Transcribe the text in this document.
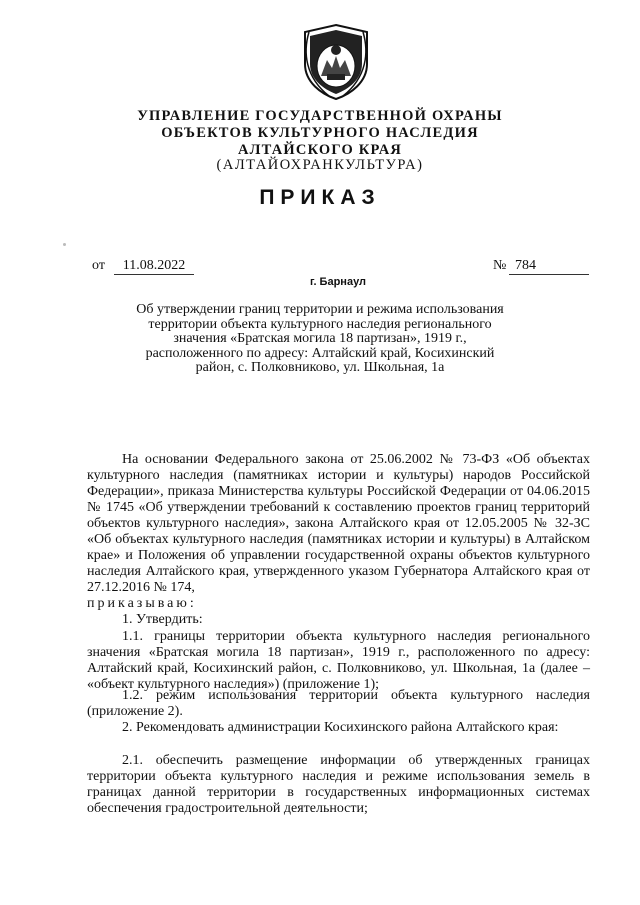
УПРАВЛЕНИЕ ГОСУДАРСТВЕННОЙ ОХРАНЫ
ОБЪЕКТОВ КУЛЬТУРНОГО НАСЛЕДИЯ
АЛТАЙСКОГО КРАЯ
(АЛТАЙОХРАНКУЛЬТУРА)
ПРИКАЗ
от	11.08.2022	№ 784
г. Барнаул
Об утверждении границ территории и режима использования
территории объекта культурного наследия регионального
значения «Братская могила 18 партизан», 1919 г.,
расположенного по адресу: Алтайский край, Косихинский
район, с. Полковниково, ул. Школьная, 1а

На основании Федерального закона от 25.06.2002 № 73-ФЗ «Об объектах культурного наследия (памятниках истории и культуры) народов Российской Федерации», приказа Министерства культуры Российской Федерации от 04.06.2015 № 1745 «Об утверждении требований к составлению проектов границ территорий объектов культурного наследия», закона Алтайского края от 12.05.2005 № 32-ЗС «Об объектах культурного наследия (памятниках истории и культуры) в Алтайском крае» и Положения об управлении государственной охраны объектов культурного наследия Алтайского края, утвержденного указом Губернатора Алтайского края от 27.12.2016 № 174,

приказываю:

1. Утвердить:

1.1. границы территории объекта культурного наследия регионального значения «Братская могила 18 партизан», 1919 г., расположенного по адресу: Алтайский край, Косихинский район, с. Полковниково, ул. Школьная, 1а (далее – «объект культурного наследия») (приложение 1);

1.2. режим использования территории объекта культурного наследия (приложение 2).

2. Рекомендовать администрации Косихинского района Алтайского края:

2.1. обеспечить размещение информации об утвержденных границах территории объекта культурного наследия и режиме использования земель в границах данной территории в государственных информационных системах обеспечения градостроительной деятельности;
